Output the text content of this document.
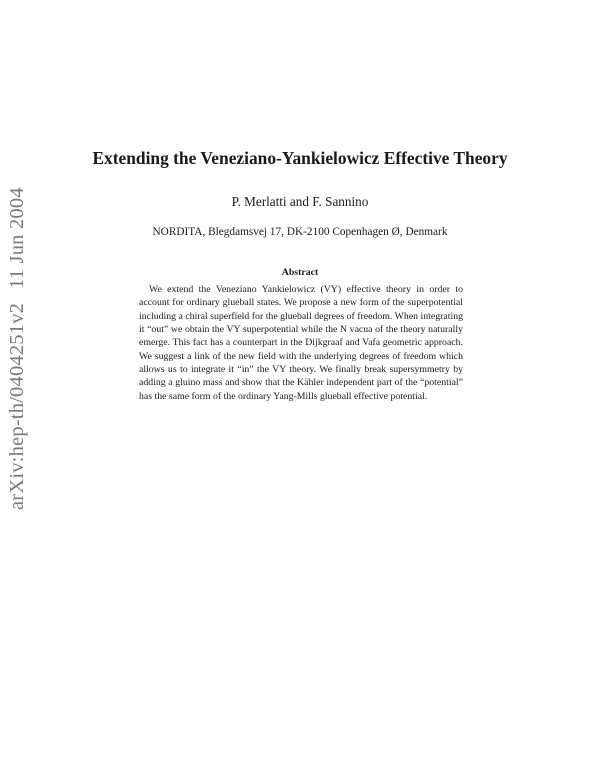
arXiv:hep-th/0404251v211 Jun 2004
Extending the Veneziano-Yankielowicz Effective Theory
P. Merlatti and F. Sannino
NORDITA, Blegdamsvej 17, DK-2100 Copenhagen Ø, Denmark
Abstract
We extend the Veneziano Yankielowicz (VY) effective theory in order to account for ordinary glueball states. We propose a new form of the superpotential including a chiral superfield for the glueball degrees of freedom. When integrating it “out” we obtain the VY superpotential while the N vacua of the theory naturally emerge. This fact has a counterpart in the Dijkgraaf and Vafa geometric approach. We suggest a link of the new field with the underlying degrees of freedom which allows us to integrate it “in” the VY theory. We finally break supersymmetry by adding a gluino mass and show that the Kähler independent part of the “potential” has the same form of the ordinary Yang-Mills glueball effective potential.
